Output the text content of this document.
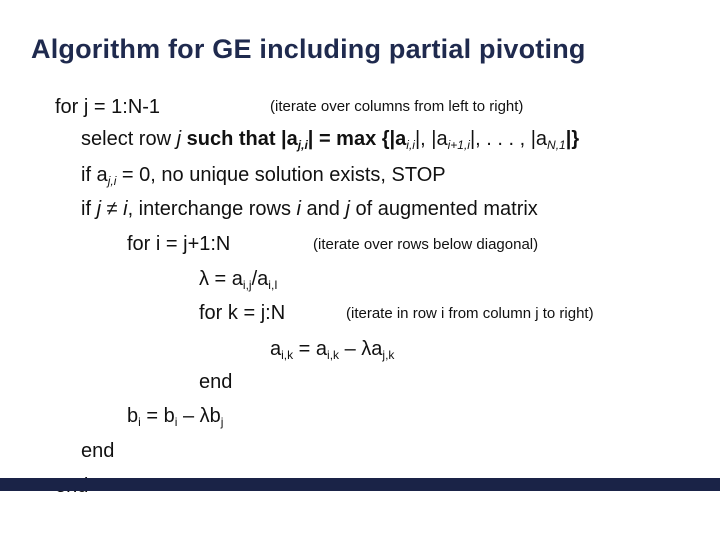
Algorithm for GE including partial pivoting
for j = 1:N-1	(iterate over columns from left to right)
select row j such that $|a_{j,i}| = \max \{|a_{i,i}|$, $|a_{i+1,i}|$, . . . , $|a_{N,1}|$}
if $a_{j,i} = 0$, no unique solution exists, STOP
if j ≠ i, interchange rows i and j of augmented matrix
for i = j+1:N	(iterate over rows below diagonal)
$\lambda = a_{i,j}/a_{i,I}$
for k = j:N	(iterate in row i from column j to right)
$a_{i,k} = a_{i,k} - \lambda a_{j,k}$
end
$b_i = b_i - \lambda b_j$
end
